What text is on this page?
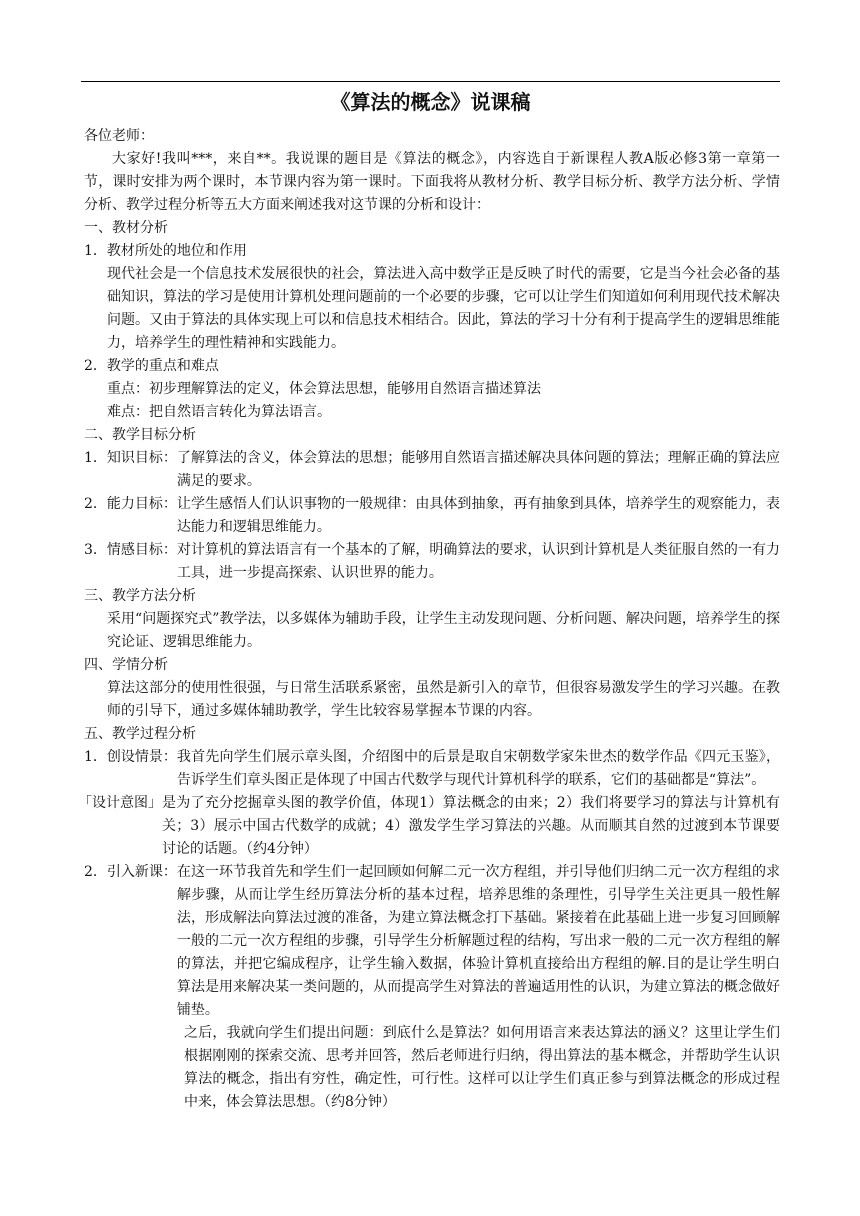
《算法的概念》说课稿

各位老师：

大家好!我叫***，来自**。我说课的题目是《算法的概念》，内容选自于新课程人教A版必修3第一章第一节，课时安排为两个课时，本节课内容为第一课时。下面我将从教材分析、教学目标分析、教学方法分析、学情分析、教学过程分析等五大方面来阐述我对这节课的分析和设计：

一、教材分析

1．教材所处的地位和作用

现代社会是一个信息技术发展很快的社会，算法进入高中数学正是反映了时代的需要，它是当今社会必备的基础知识，算法的学习是使用计算机处理问题前的一个必要的步骤，它可以让学生们知道如何利用现代技术解决问题。又由于算法的具体实现上可以和信息技术相结合。因此，算法的学习十分有利于提高学生的逻辑思维能力，培养学生的理性精神和实践能力。

2．教学的重点和难点

重点：初步理解算法的定义，体会算法思想，能够用自然语言描述算法

难点：把自然语言转化为算法语言。

二、教学目标分析

1．知识目标： 了解算法的含义，体会算法的思想；能够用自然语言描述解决具体问题的算法；理解正确的算法应满足的要求。
2．能力目标： 让学生感悟人们认识事物的一般规律：由具体到抽象，再有抽象到具体，培养学生的观察能力，表达能力和逻辑思维能力。
3．情感目标： 对计算机的算法语言有一个基本的了解，明确算法的要求，认识到计算机是人类征服自然的一有力工具，进一步提高探索、认识世界的能力。

三、教学方法分析

采用“问题探究式”教学法，以多媒体为辅助手段，让学生主动发现问题、分析问题、解决问题，培养学生的探究论证、逻辑思维能力。

四、学情分析

算法这部分的使用性很强，与日常生活联系紧密，虽然是新引入的章节，但很容易激发学生的学习兴趣。在教师的引导下，通过多媒体辅助教学，学生比较容易掌握本节课的内容。

五、教学过程分析

1．创设情景： 我首先向学生们展示章头图，介绍图中的后景是取自宋朝数学家朱世杰的数学作品《四元玉鉴》，告诉学生们章头图正是体现了中国古代数学与现代计算机科学的联系，它们的基础都是“算法”。
「设计意图」 是为了充分挖掘章头图的教学价值，体现1）算法概念的由来；2）我们将要学习的算法与计算机有关；3）展示中国古代数学的成就；4）激发学生学习算法的兴趣。从而顺其自然的过渡到本节课要讨论的话题。（约4分钟）
2．引入新课： 在这一环节我首先和学生们一起回顾如何解二元一次方程组，并引导他们归纳二元一次方程组的求解步骤，从而让学生经历算法分析的基本过程，培养思维的条理性，引导学生关注更具一般性解法，形成解法向算法过渡的准备，为建立算法概念打下基础。紧接着在此基础上进一步复习回顾解一般的二元一次方程组的步骤，引导学生分析解题过程的结构，写出求一般的二元一次方程组的解的算法，并把它编成程序，让学生输入数据，体验计算机直接给出方程组的解.目的是让学生明白算法是用来解决某一类问题的，从而提高学生对算法的普遍适用性的认识，为建立算法的概念做好铺垫。

之后，我就向学生们提出问题：到底什么是算法？如何用语言来表达算法的涵义？这里让学生们根据刚刚的探索交流、思考并回答，然后老师进行归纳，得出算法的基本概念，并帮助学生认识算法的概念，指出有穷性，确定性，可行性。这样可以让学生们真正参与到算法概念的形成过程中来，体会算法思想。（约8分钟）
